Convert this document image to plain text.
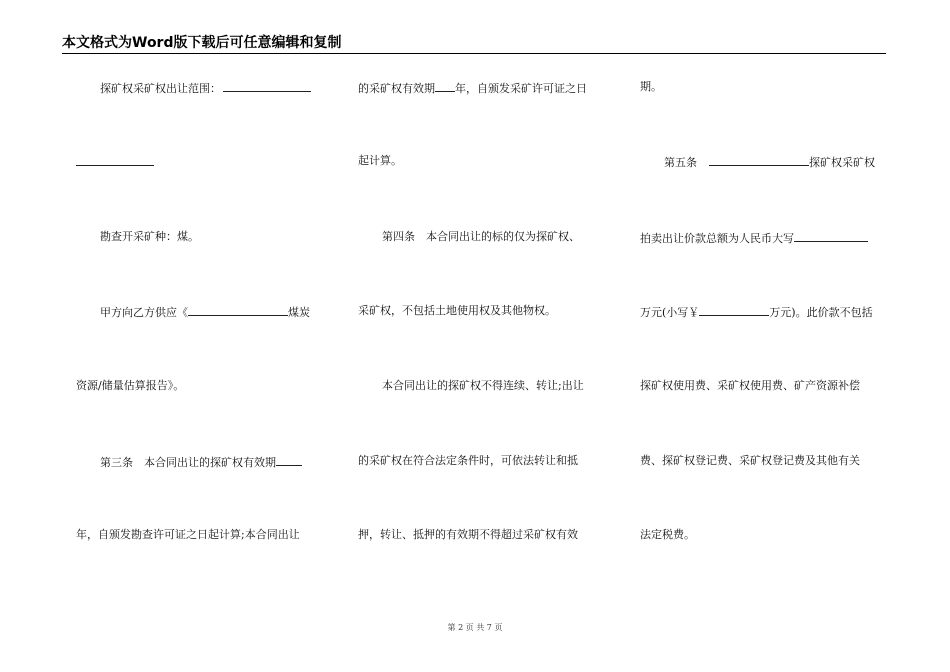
本文格式为Word版下载后可任意编辑和复制
探矿权采矿权出让范围：
勘查开采矿种：煤。
甲方向乙方供应《	煤炭
资源/储量估算报告》。
第三条　本合同出让的探矿权有效期
年，自颁发勘查许可证之日起计算;本合同出让
的采矿权有效期 年，自颁发采矿许可证之日
起计算。
第四条　本合同出让的标的仅为探矿权、
采矿权，不包括土地使用权及其他物权。
本合同出让的探矿权不得连续、转让;出让
的采矿权在符合法定条件时，可依法转让和抵
押，转让、抵押的有效期不得超过采矿权有效
期。
第五条	探矿权采矿权
拍卖出让价款总额为人民币大写
万元(小写￥	万元)。此价款不包括
探矿权使用费、采矿权使用费、矿产资源补偿
费、探矿权登记费、采矿权登记费及其他有关
法定税费。
第 2 页 共 7 页
